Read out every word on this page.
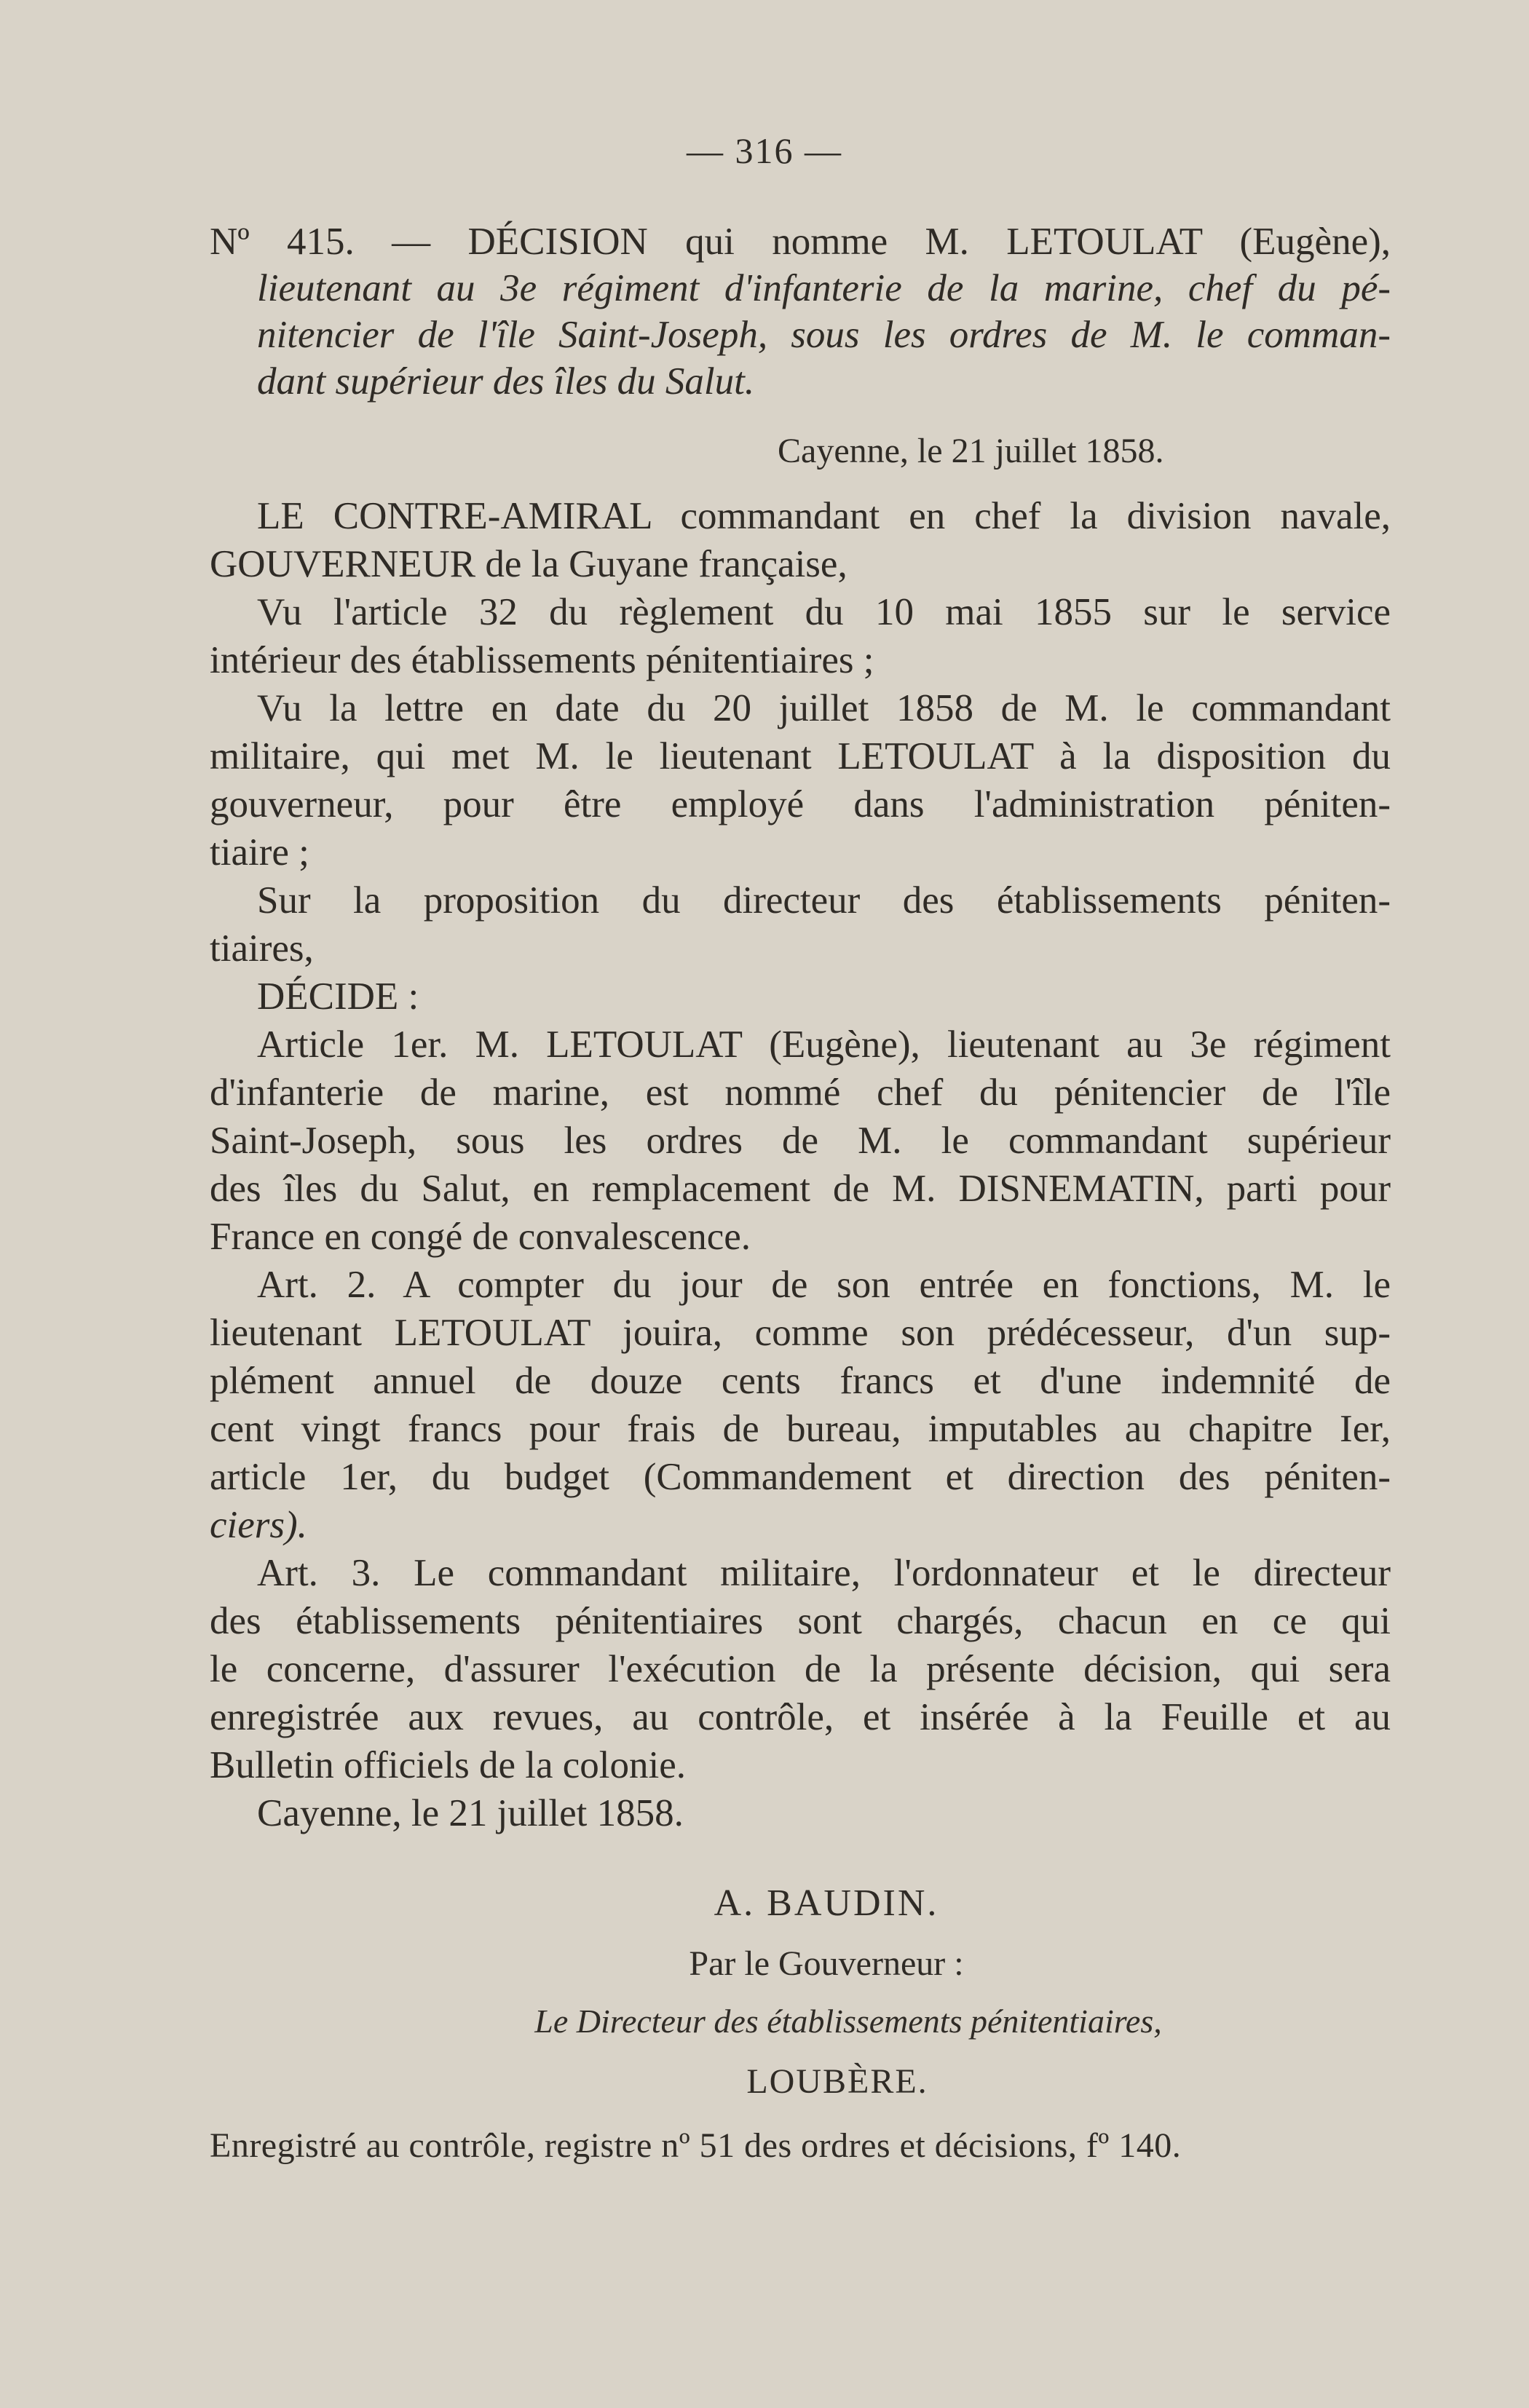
— 316 —
Nº 415. — DÉCISION qui nomme M. LETOULAT (Eugène),
lieutenant au 3e régiment d'infanterie de la marine, chef du pé-
nitencier de l'île Saint-Joseph, sous les ordres de M. le comman-
dant supérieur des îles du Salut.
Cayenne, le 21 juillet 1858.
LE CONTRE-AMIRAL commandant en chef la division navale,
GOUVERNEUR de la Guyane française,
Vu l'article 32 du règlement du 10 mai 1855 sur le service
intérieur des établissements pénitentiaires ;
Vu la lettre en date du 20 juillet 1858 de M. le commandant
militaire, qui met M. le lieutenant LETOULAT à la disposition du
gouverneur, pour être employé dans l'administration péniten-
tiaire ;
Sur la proposition du directeur des établissements péniten-
tiaires,
DÉCIDE :
Article 1er. M. LETOULAT (Eugène), lieutenant au 3e régiment
d'infanterie de marine, est nommé chef du pénitencier de l'île
Saint-Joseph, sous les ordres de M. le commandant supérieur
des îles du Salut, en remplacement de M. DISNEMATIN, parti pour
France en congé de convalescence.
Art. 2. A compter du jour de son entrée en fonctions, M. le
lieutenant LETOULAT jouira, comme son prédécesseur, d'un sup-
plément annuel de douze cents francs et d'une indemnité de
cent vingt francs pour frais de bureau, imputables au chapitre Ier,
article 1er, du budget (Commandement et direction des péniten-
ciers).
Art. 3. Le commandant militaire, l'ordonnateur et le directeur
des établissements pénitentiaires sont chargés, chacun en ce qui
le concerne, d'assurer l'exécution de la présente décision, qui sera
enregistrée aux revues, au contrôle, et insérée à la Feuille et au
Bulletin officiels de la colonie.
Cayenne, le 21 juillet 1858.
A. BAUDIN.
Par le Gouverneur :
Le Directeur des établissements pénitentiaires,
LOUBÈRE.
Enregistré au contrôle, registre nº 51 des ordres et décisions, fº 140.
